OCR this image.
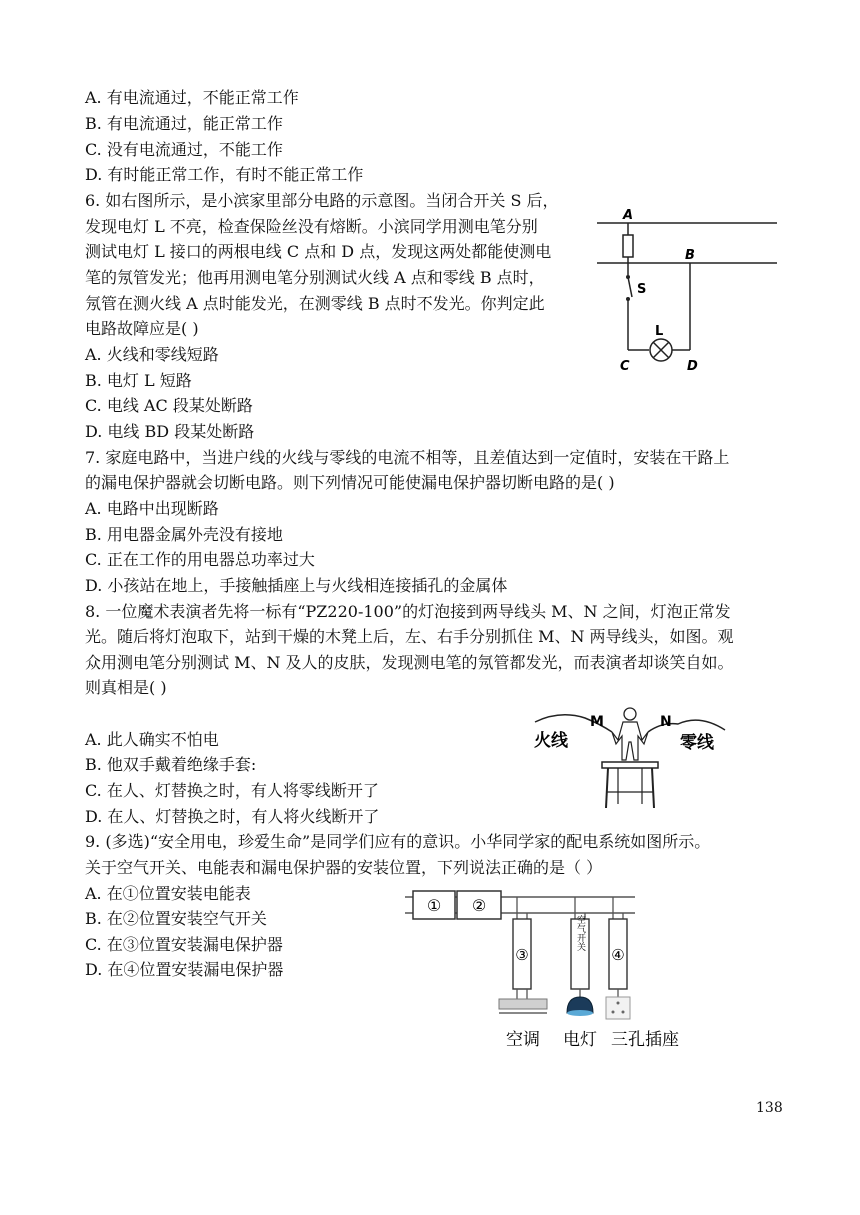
A. 有电流通过，不能正常工作
B. 有电流通过，能正常工作
C. 没有电流通过，不能工作
D. 有时能正常工作，有时不能正常工作
6. 如右图所示，是小滨家里部分电路的示意图。当闭合开关 S 后，
发现电灯 L 不亮，检查保险丝没有熔断。小滨同学用测电笔分别
测试电灯 L 接口的两根电线 C 点和 D 点，发现这两处都能使测电
笔的氖管发光；他再用测电笔分别测试火线 A 点和零线 B 点时，
氖管在测火线 A 点时能发光，在测零线 B 点时不发光。你判定此
电路故障应是( )
A. 火线和零线短路
B. 电灯 L 短路
C. 电线 AC 段某处断路
D. 电线 BD 段某处断路
A
B
S
L
C	D
7. 家庭电路中，当进户线的火线与零线的电流不相等，且差值达到一定值时，安装在干路上
的漏电保护器就会切断电路。则下列情况可能使漏电保护器切断电路的是( )
A. 电路中出现断路
B. 用电器金属外壳没有接地
C. 正在工作的用电器总功率过大
D. 小孩站在地上，手接触插座上与火线相连接插孔的金属体
8. 一位魔术表演者先将一标有“PZ220-100”的灯泡接到两导线头 M、N 之间，灯泡正常发
光。随后将灯泡取下，站到干燥的木凳上后，左、右手分别抓住 M、N 两导线头，如图。观
众用测电笔分别测试 M、N 及人的皮肤，发现测电笔的氖管都发光，而表演者却谈笑自如。
则真相是( )
A. 此人确实不怕电
B. 他双手戴着绝缘手套:
C. 在人、灯替换之时，有人将零线断开了
D. 在人、灯替换之时，有人将火线断开了
火线	零线
M	N
9. (多选)“安全用电，珍爱生命”是同学们应有的意识。小华同学家的配电系统如图所示。
关于空气开关、电能表和漏电保护器的安装位置，下列说法正确的是（ ）
A. 在①位置安装电能表
B. 在②位置安装空气开关
C. 在③位置安装漏电保护器
D. 在④位置安装漏电保护器
① ②
③
空气开关
④
空调 电灯 三孔插座
138
